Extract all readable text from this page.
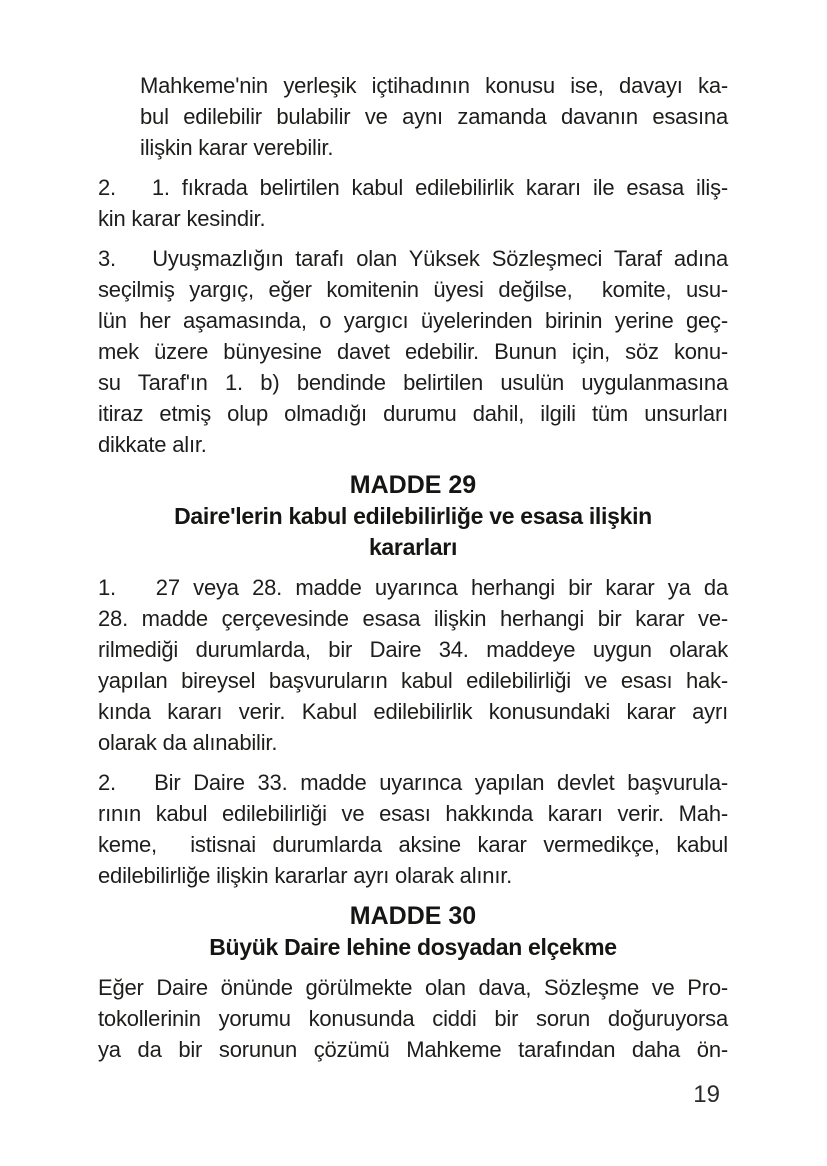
Mahkeme'nin yerleşik içtihadının konusu ise, davayı ka-
bul edilebilir bulabilir ve aynı zamanda davanın esasına
ilişkin karar verebilir.
2.   1. fıkrada belirtilen kabul edilebilirlik kararı ile esasa iliş-
kin karar kesindir.
3.   Uyuşmazlığın tarafı olan Yüksek Sözleşmeci Taraf adına
seçilmiş yargıç, eğer komitenin üyesi değilse,  komite, usu-
lün her aşamasında, o yargıcı üyelerinden birinin yerine geç-
mek üzere bünyesine davet edebilir. Bunun için, söz konu-
su Taraf'ın 1. b) bendinde belirtilen usulün uygulanmasına
itiraz etmiş olup olmadığı durumu dahil, ilgili tüm unsurları
dikkate alır.
MADDE 29
Daire'lerin kabul edilebilirliğe ve esasa ilişkin
kararları
1.   27 veya 28. madde uyarınca herhangi bir karar ya da
28. madde çerçevesinde esasa ilişkin herhangi bir karar ve-
rilmediği durumlarda, bir Daire 34. maddeye uygun olarak
yapılan bireysel başvuruların kabul edilebilirliği ve esası hak-
kında kararı verir. Kabul edilebilirlik konusundaki karar ayrı
olarak da alınabilir.
2.   Bir Daire 33. madde uyarınca yapılan devlet başvurula-
rının kabul edilebilirliği ve esası hakkında kararı verir. Mah-
keme,  istisnai durumlarda aksine karar vermedikçe, kabul
edilebilirliğe ilişkin kararlar ayrı olarak alınır.
MADDE 30
Büyük Daire lehine dosyadan elçekme
Eğer Daire önünde görülmekte olan dava, Sözleşme ve Pro-
tokollerinin yorumu konusunda ciddi bir sorun doğuruyorsa
ya da bir sorunun çözümü Mahkeme tarafından daha ön-
19
